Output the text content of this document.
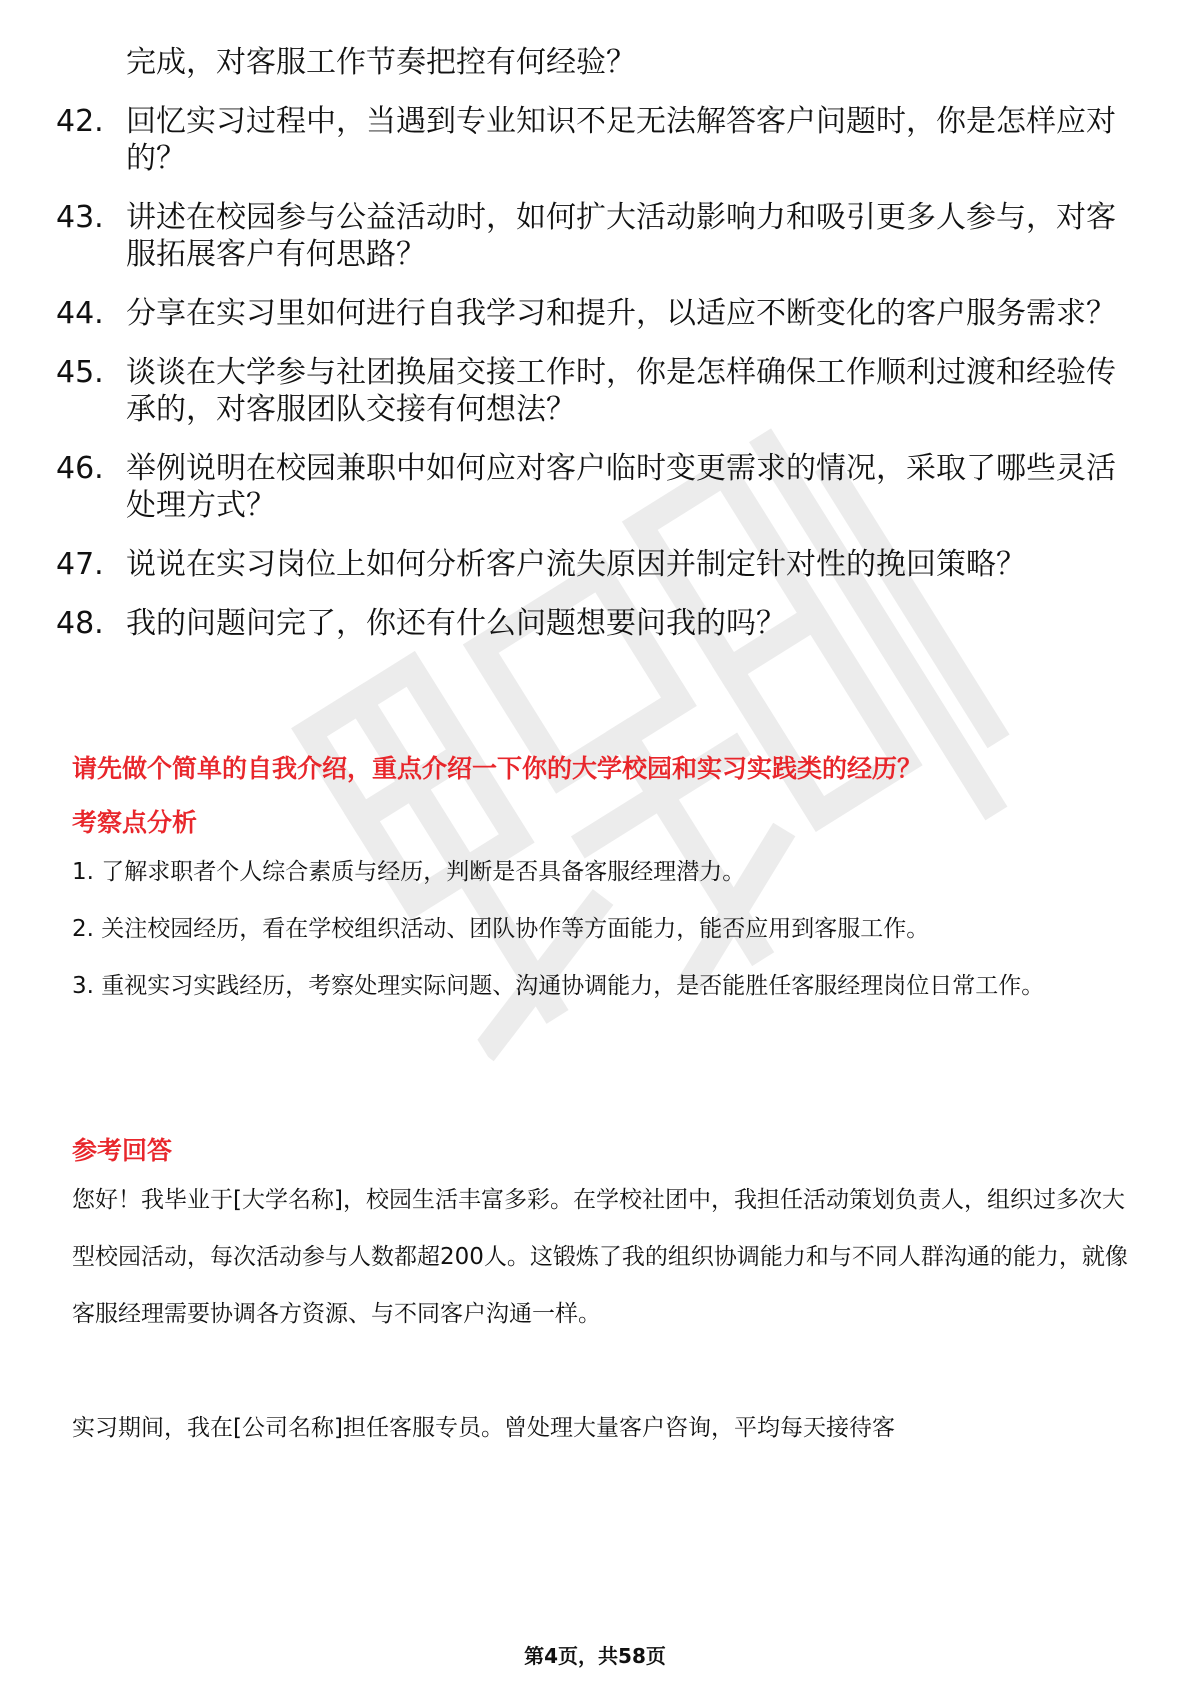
完成，对客服工作节奏把控有何经验？
42. 回忆实习过程中，当遇到专业知识不足无法解答客户问题时，你是怎样应对的？
43. 讲述在校园参与公益活动时，如何扩大活动影响力和吸引更多人参与，对客服拓展客户有何思路？
44. 分享在实习里如何进行自我学习和提升，以适应不断变化的客户服务需求？
45. 谈谈在大学参与社团换届交接工作时，你是怎样确保工作顺利过渡和经验传承的，对客服团队交接有何想法？
46. 举例说明在校园兼职中如何应对客户临时变更需求的情况，采取了哪些灵活处理方式？
47. 说说在实习岗位上如何分析客户流失原因并制定针对性的挽回策略？
48. 我的问题问完了，你还有什么问题想要问我的吗？
请先做个简单的自我介绍，重点介绍一下你的大学校园和实习实践类的经历？
考察点分析
1. 了解求职者个人综合素质与经历，判断是否具备客服经理潜力。
2. 关注校园经历，看在学校组织活动、团队协作等方面能力，能否应用到客服工作。
3. 重视实习实践经历，考察处理实际问题、沟通协调能力，是否能胜任客服经理岗位日常工作。
参考回答
您好！我毕业于[大学名称]，校园生活丰富多彩。在学校社团中，我担任活动策划负责人，组织过多次大型校园活动，每次活动参与人数都超200人。这锻炼了我的组织协调能力和与不同人群沟通的能力，就像客服经理需要协调各方资源、与不同客户沟通一样。
实习期间，我在[公司名称]担任客服专员。曾处理大量客户咨询，平均每天接待客
第4页，共58页
